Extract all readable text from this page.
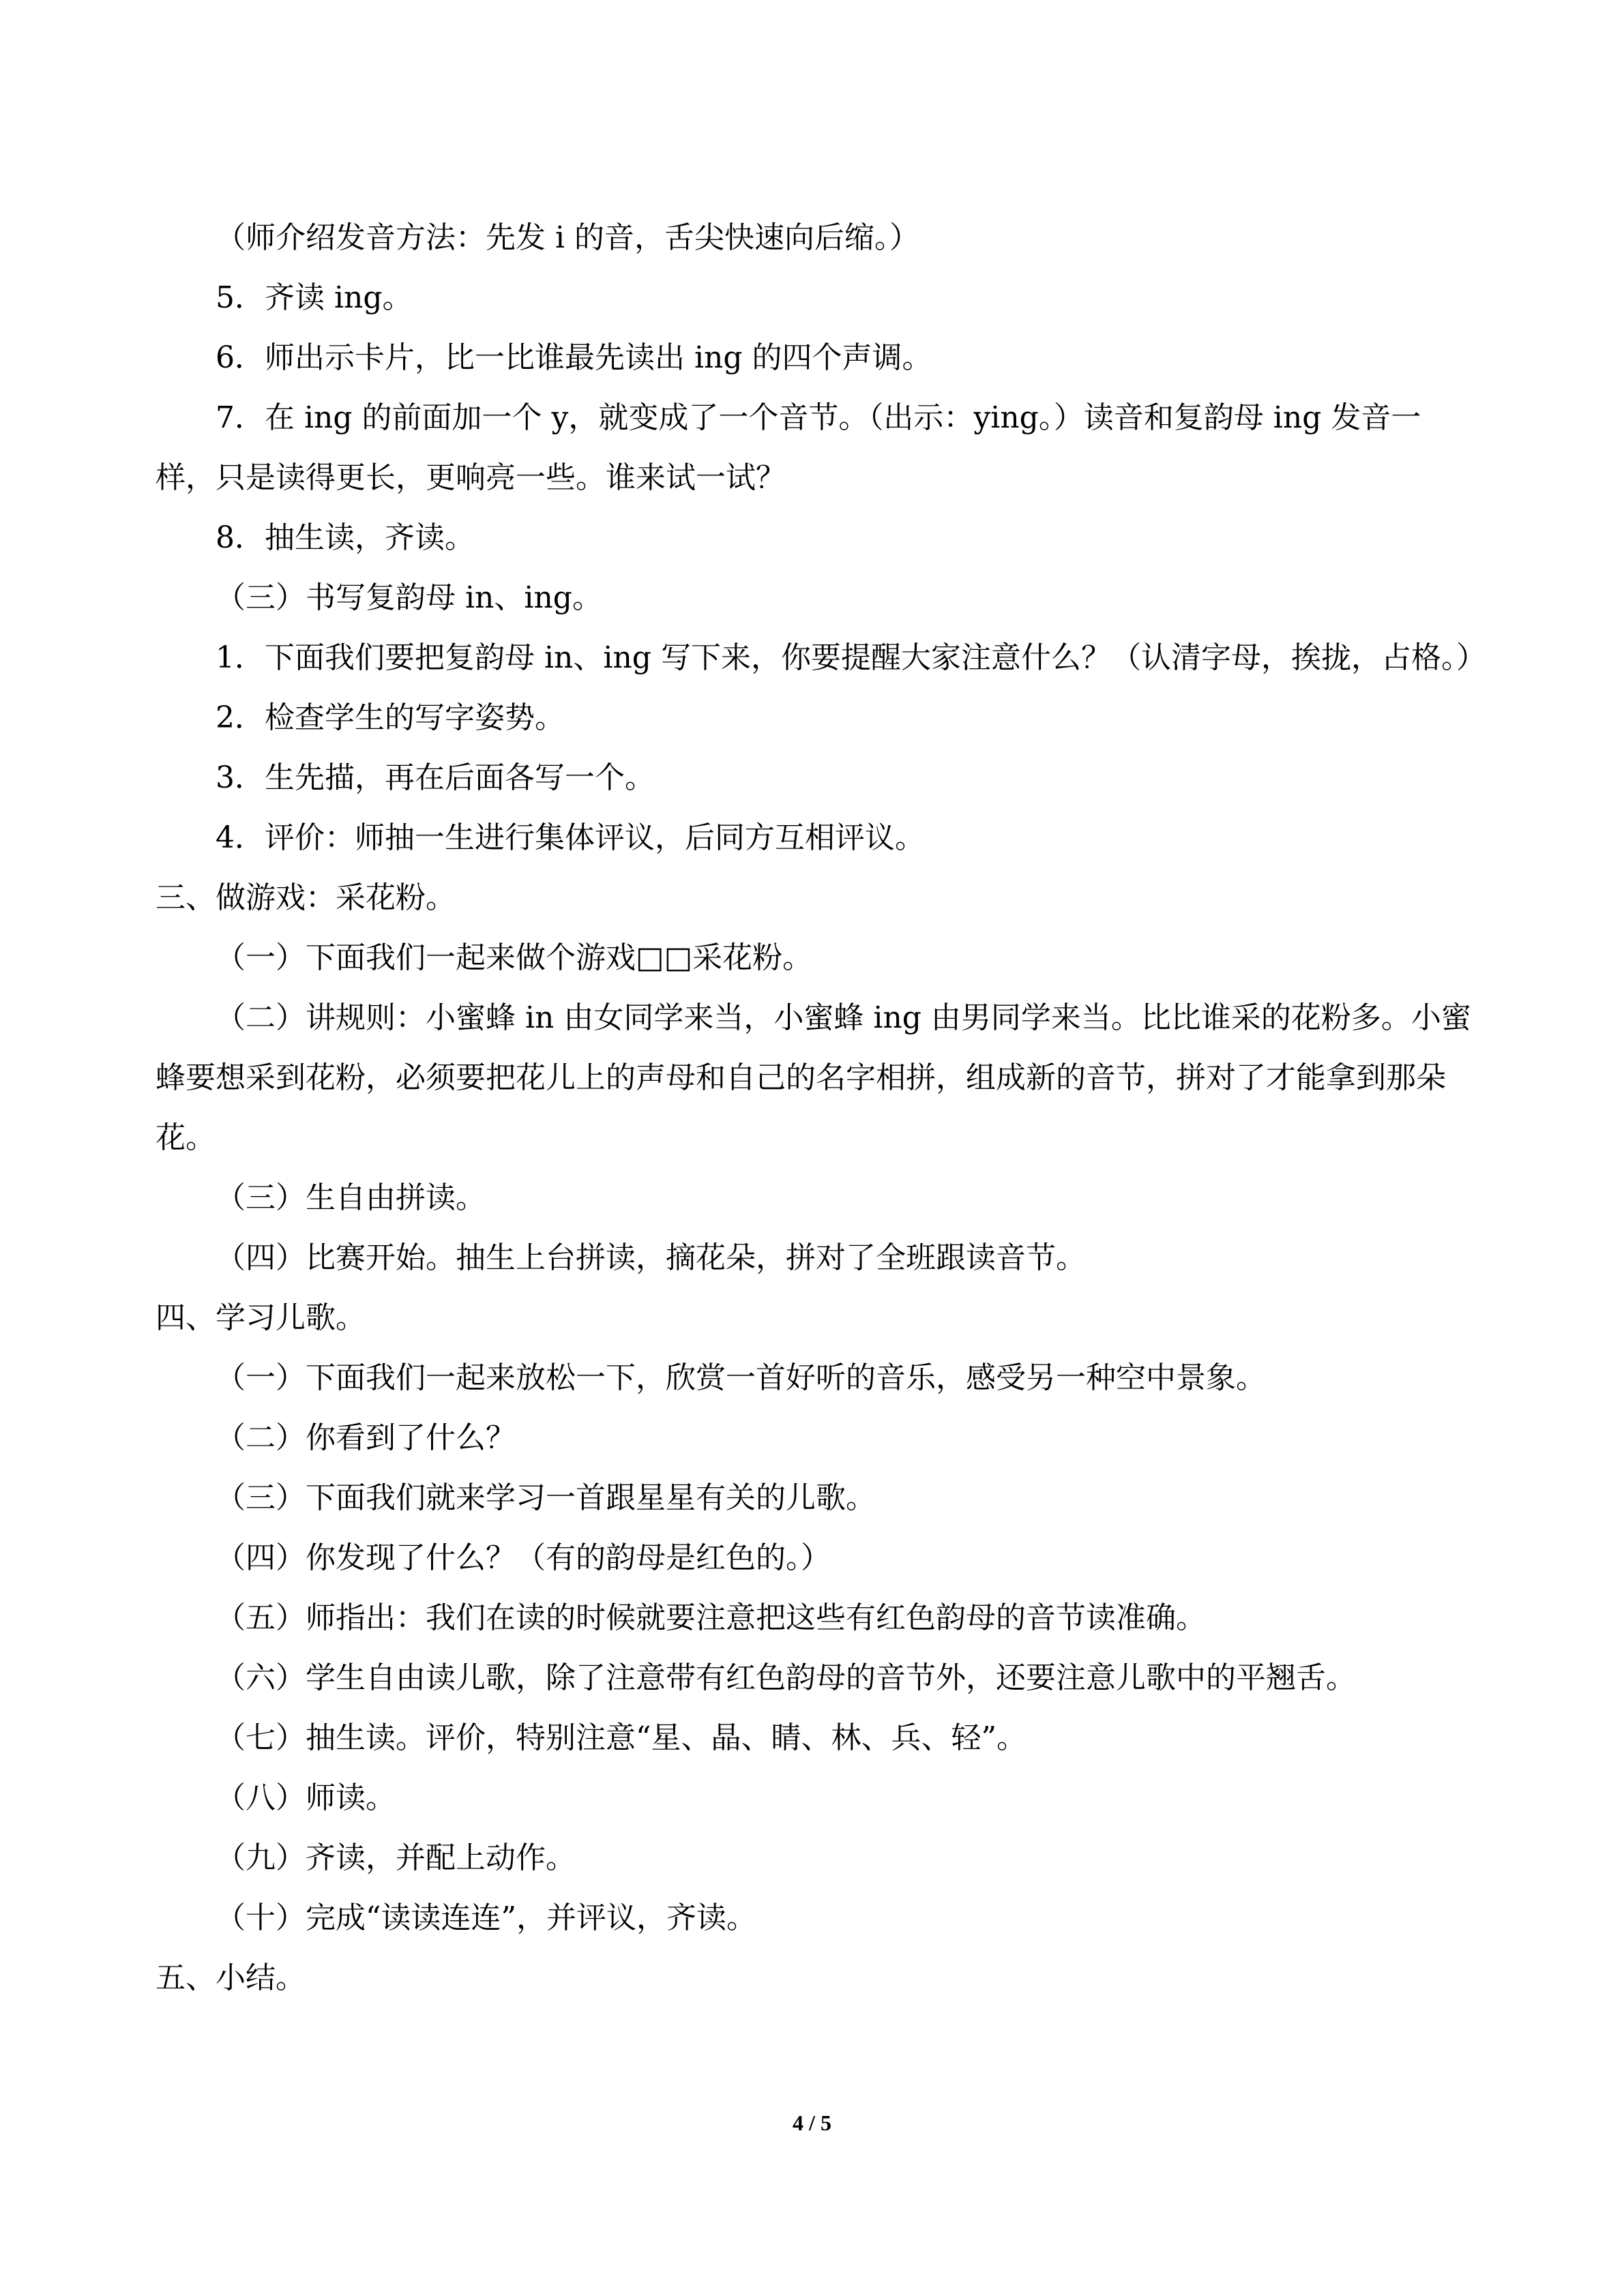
（师介绍发音方法：先发 i 的音，舌尖快速向后缩。）

5．齐读 ing。

6．师出示卡片，比一比谁最先读出 ing 的四个声调。

7．在 ing 的前面加一个 y，就变成了一个音节。（出示：ying。）读音和复韵母 ing 发音一样，只是读得更长，更响亮一些。谁来试一试？

8．抽生读，齐读。

（三）书写复韵母 in、ing。

1．下面我们要把复韵母 in、ing 写下来，你要提醒大家注意什么？（认清字母，挨拢，占格。）

2．检查学生的写字姿势。

3．生先描，再在后面各写一个。

4．评价：师抽一生进行集体评议，后同方互相评议。

三、做游戏：采花粉。

（一）下面我们一起来做个游戏□□采花粉。

（二）讲规则：小蜜蜂 in 由女同学来当，小蜜蜂 ing 由男同学来当。比比谁采的花粉多。小蜜蜂要想采到花粉，必须要把花儿上的声母和自己的名字相拼，组成新的音节，拼对了才能拿到那朵花。

（三）生自由拼读。

（四）比赛开始。抽生上台拼读，摘花朵，拼对了全班跟读音节。

四、学习儿歌。

（一）下面我们一起来放松一下，欣赏一首好听的音乐，感受另一种空中景象。

（二）你看到了什么？

（三）下面我们就来学习一首跟星星有关的儿歌。

（四）你发现了什么？（有的韵母是红色的。）

（五）师指出：我们在读的时候就要注意把这些有红色韵母的音节读准确。

（六）学生自由读儿歌，除了注意带有红色韵母的音节外，还要注意儿歌中的平翘舌。

（七）抽生读。评价，特别注意“星、晶、睛、林、兵、轻”。

（八）师读。

（九）齐读，并配上动作。

（十）完成“读读连连”，并评议，齐读。

五、小结。

4 / 5
